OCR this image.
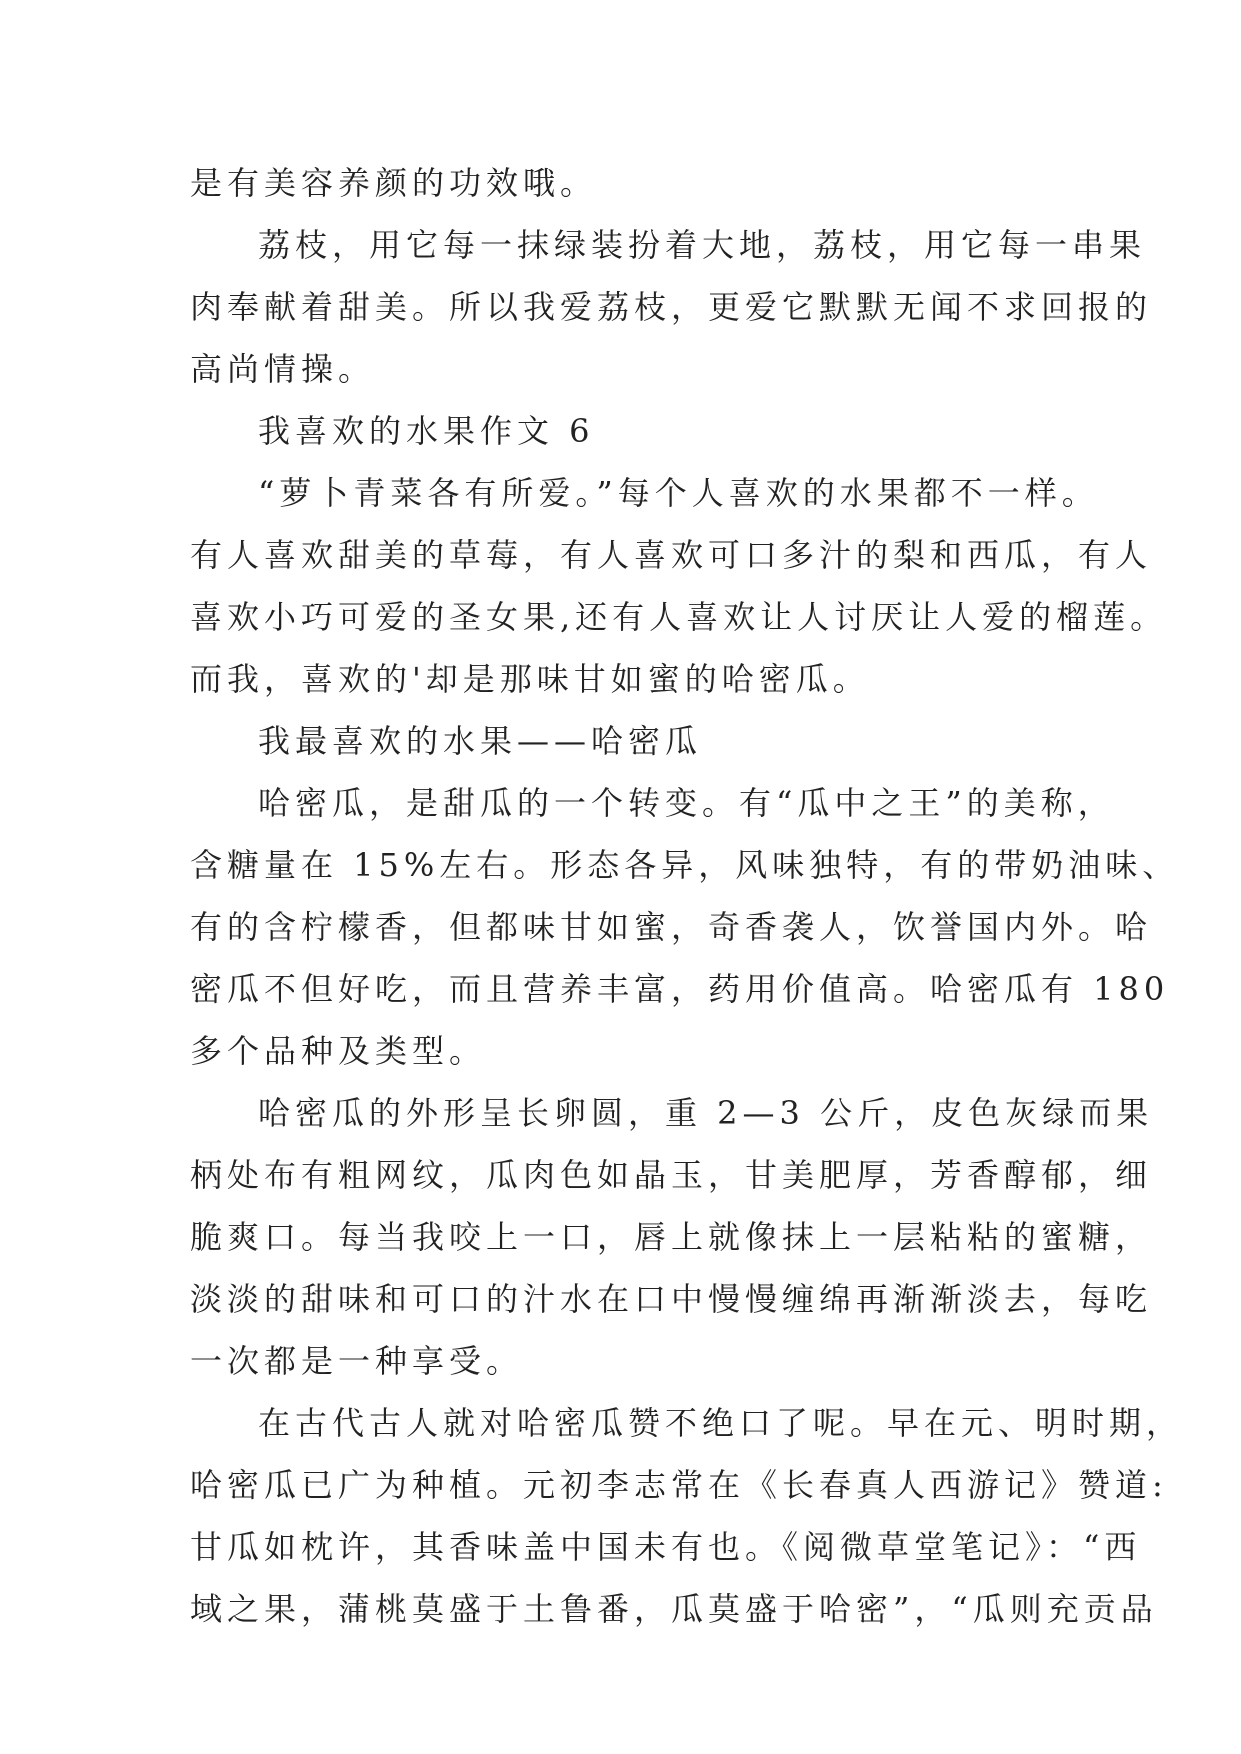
是有美容养颜的功效哦。
荔枝，用它每一抹绿装扮着大地，荔枝，用它每一串果
肉奉献着甜美。所以我爱荔枝，更爱它默默无闻不求回报的
高尚情操。
我喜欢的水果作文 6
“萝卜青菜各有所爱。”每个人喜欢的水果都不一样。
有人喜欢甜美的草莓，有人喜欢可口多汁的梨和西瓜，有人
喜欢小巧可爱的圣女果,还有人喜欢让人讨厌让人爱的榴莲。
而我，喜欢的'却是那味甘如蜜的哈密瓜。
我最喜欢的水果——哈密瓜
哈密瓜，是甜瓜的一个转变。有“瓜中之王”的美称，
含糖量在 15%左右。形态各异，风味独特，有的带奶油味、
有的含柠檬香，但都味甘如蜜，奇香袭人，饮誉国内外。哈
密瓜不但好吃，而且营养丰富，药用价值高。哈密瓜有 180
多个品种及类型。
哈密瓜的外形呈长卵圆，重 2—3 公斤，皮色灰绿而果
柄处布有粗网纹，瓜肉色如晶玉，甘美肥厚，芳香醇郁，细
脆爽口。每当我咬上一口，唇上就像抹上一层粘粘的蜜糖，
淡淡的甜味和可口的汁水在口中慢慢缠绵再渐渐淡去，每吃
一次都是一种享受。
在古代古人就对哈密瓜赞不绝口了呢。早在元、明时期，
哈密瓜已广为种植。元初李志常在《长春真人西游记》赞道:
甘瓜如枕许，其香味盖中国未有也。《阅微草堂笔记》：“西
域之果，蒲桃莫盛于土鲁番，瓜莫盛于哈密”，“瓜则充贡品
